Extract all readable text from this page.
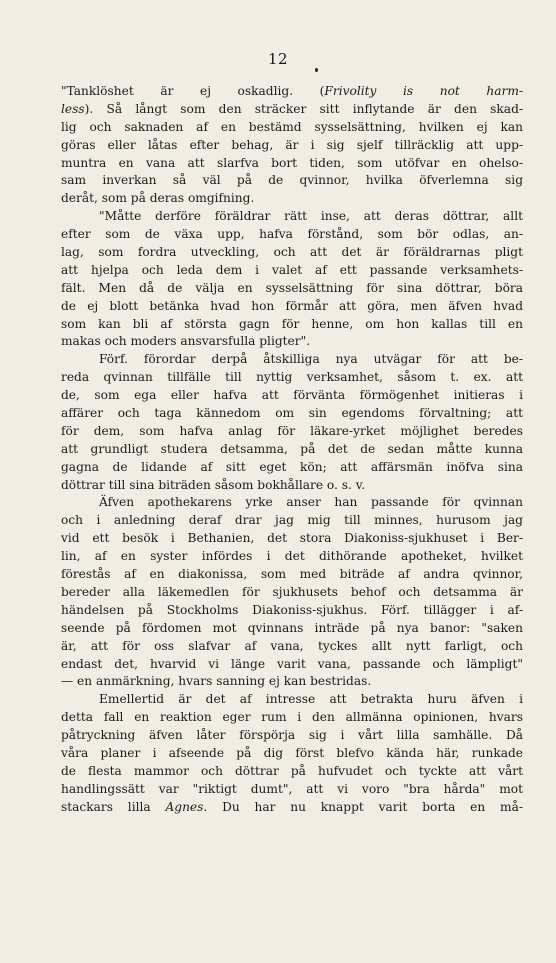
12
"Tanklöshet är ej oskadlig. (Frivolity is not harm-
less). Så långt som den sträcker sitt inflytande är den skad-
lig och saknaden af en bestämd sysselsättning, hvilken ej kan
göras eller låtas efter behag, är i sig sjelf tillräcklig att upp-
muntra en vana att slarfva bort tiden, som utöfvar en ohelso-
sam inverkan så väl på de qvinnor, hvilka öfverlemna sig
deråt, som på deras omgifning.
"Måtte derföre föräldrar rätt inse, att deras döttrar, allt
efter som de växa upp, hafva förstånd, som bör odlas, an-
lag, som fordra utveckling, och att det är föräldrarnas pligt
att hjelpa och leda dem i valet af ett passande verksamhets-
fält. Men då de välja en sysselsättning för sina döttrar, böra
de ej blott betänka hvad hon förmår att göra, men äfven hvad
som kan bli af största gagn för henne, om hon kallas till en
makas och moders ansvarsfulla pligter".
Förf. förordar derpå åtskilliga nya utvägar för att be-
reda qvinnan tillfälle till nyttig verksamhet, såsom t. ex. att
de, som ega eller hafva att förvänta förmögenhet initieras i
affärer och taga kännedom om sin egendoms förvaltning; att
för dem, som hafva anlag för läkare-yrket möjlighet beredes
att grundligt studera detsamma, på det de sedan måtte kunna
gagna de lidande af sitt eget kön; att affärsmän inöfva sina
döttrar till sina biträden såsom bokhållare o. s. v.
Äfven apothekarens yrke anser han passande för qvinnan
och i anledning deraf drar jag mig till minnes, hurusom jag
vid ett besök i Bethanien, det stora Diakoniss-sjukhuset i Ber-
lin, af en syster infördes i det dithörande apotheket, hvilket
förestås af en diakonissa, som med biträde af andra qvinnor,
bereder alla läkemedlen för sjukhusets behof och detsamma är
händelsen på Stockholms Diakoniss-sjukhus. Förf. tillägger i af-
seende på fördomen mot qvinnans inträde på nya banor: "saken
är, att för oss slafvar af vana, tyckes allt nytt farligt, och
endast det, hvarvid vi länge varit vana, passande och lämpligt"
— en anmärkning, hvars sanning ej kan bestridas.
Emellertid är det af intresse att betrakta huru äfven i
detta fall en reaktion eger rum i den allmänna opinionen, hvars
påtryckning äfven låter förspörja sig i vårt lilla samhälle. Då
våra planer i afseende på dig först blefvo kända här, runkade
de flesta mammor och döttrar på hufvudet och tyckte att vårt
handlingssätt var "riktigt dumt", att vi voro "bra hårda" mot
stackars lilla Agnes. Du har nu knappt varit borta en må-
